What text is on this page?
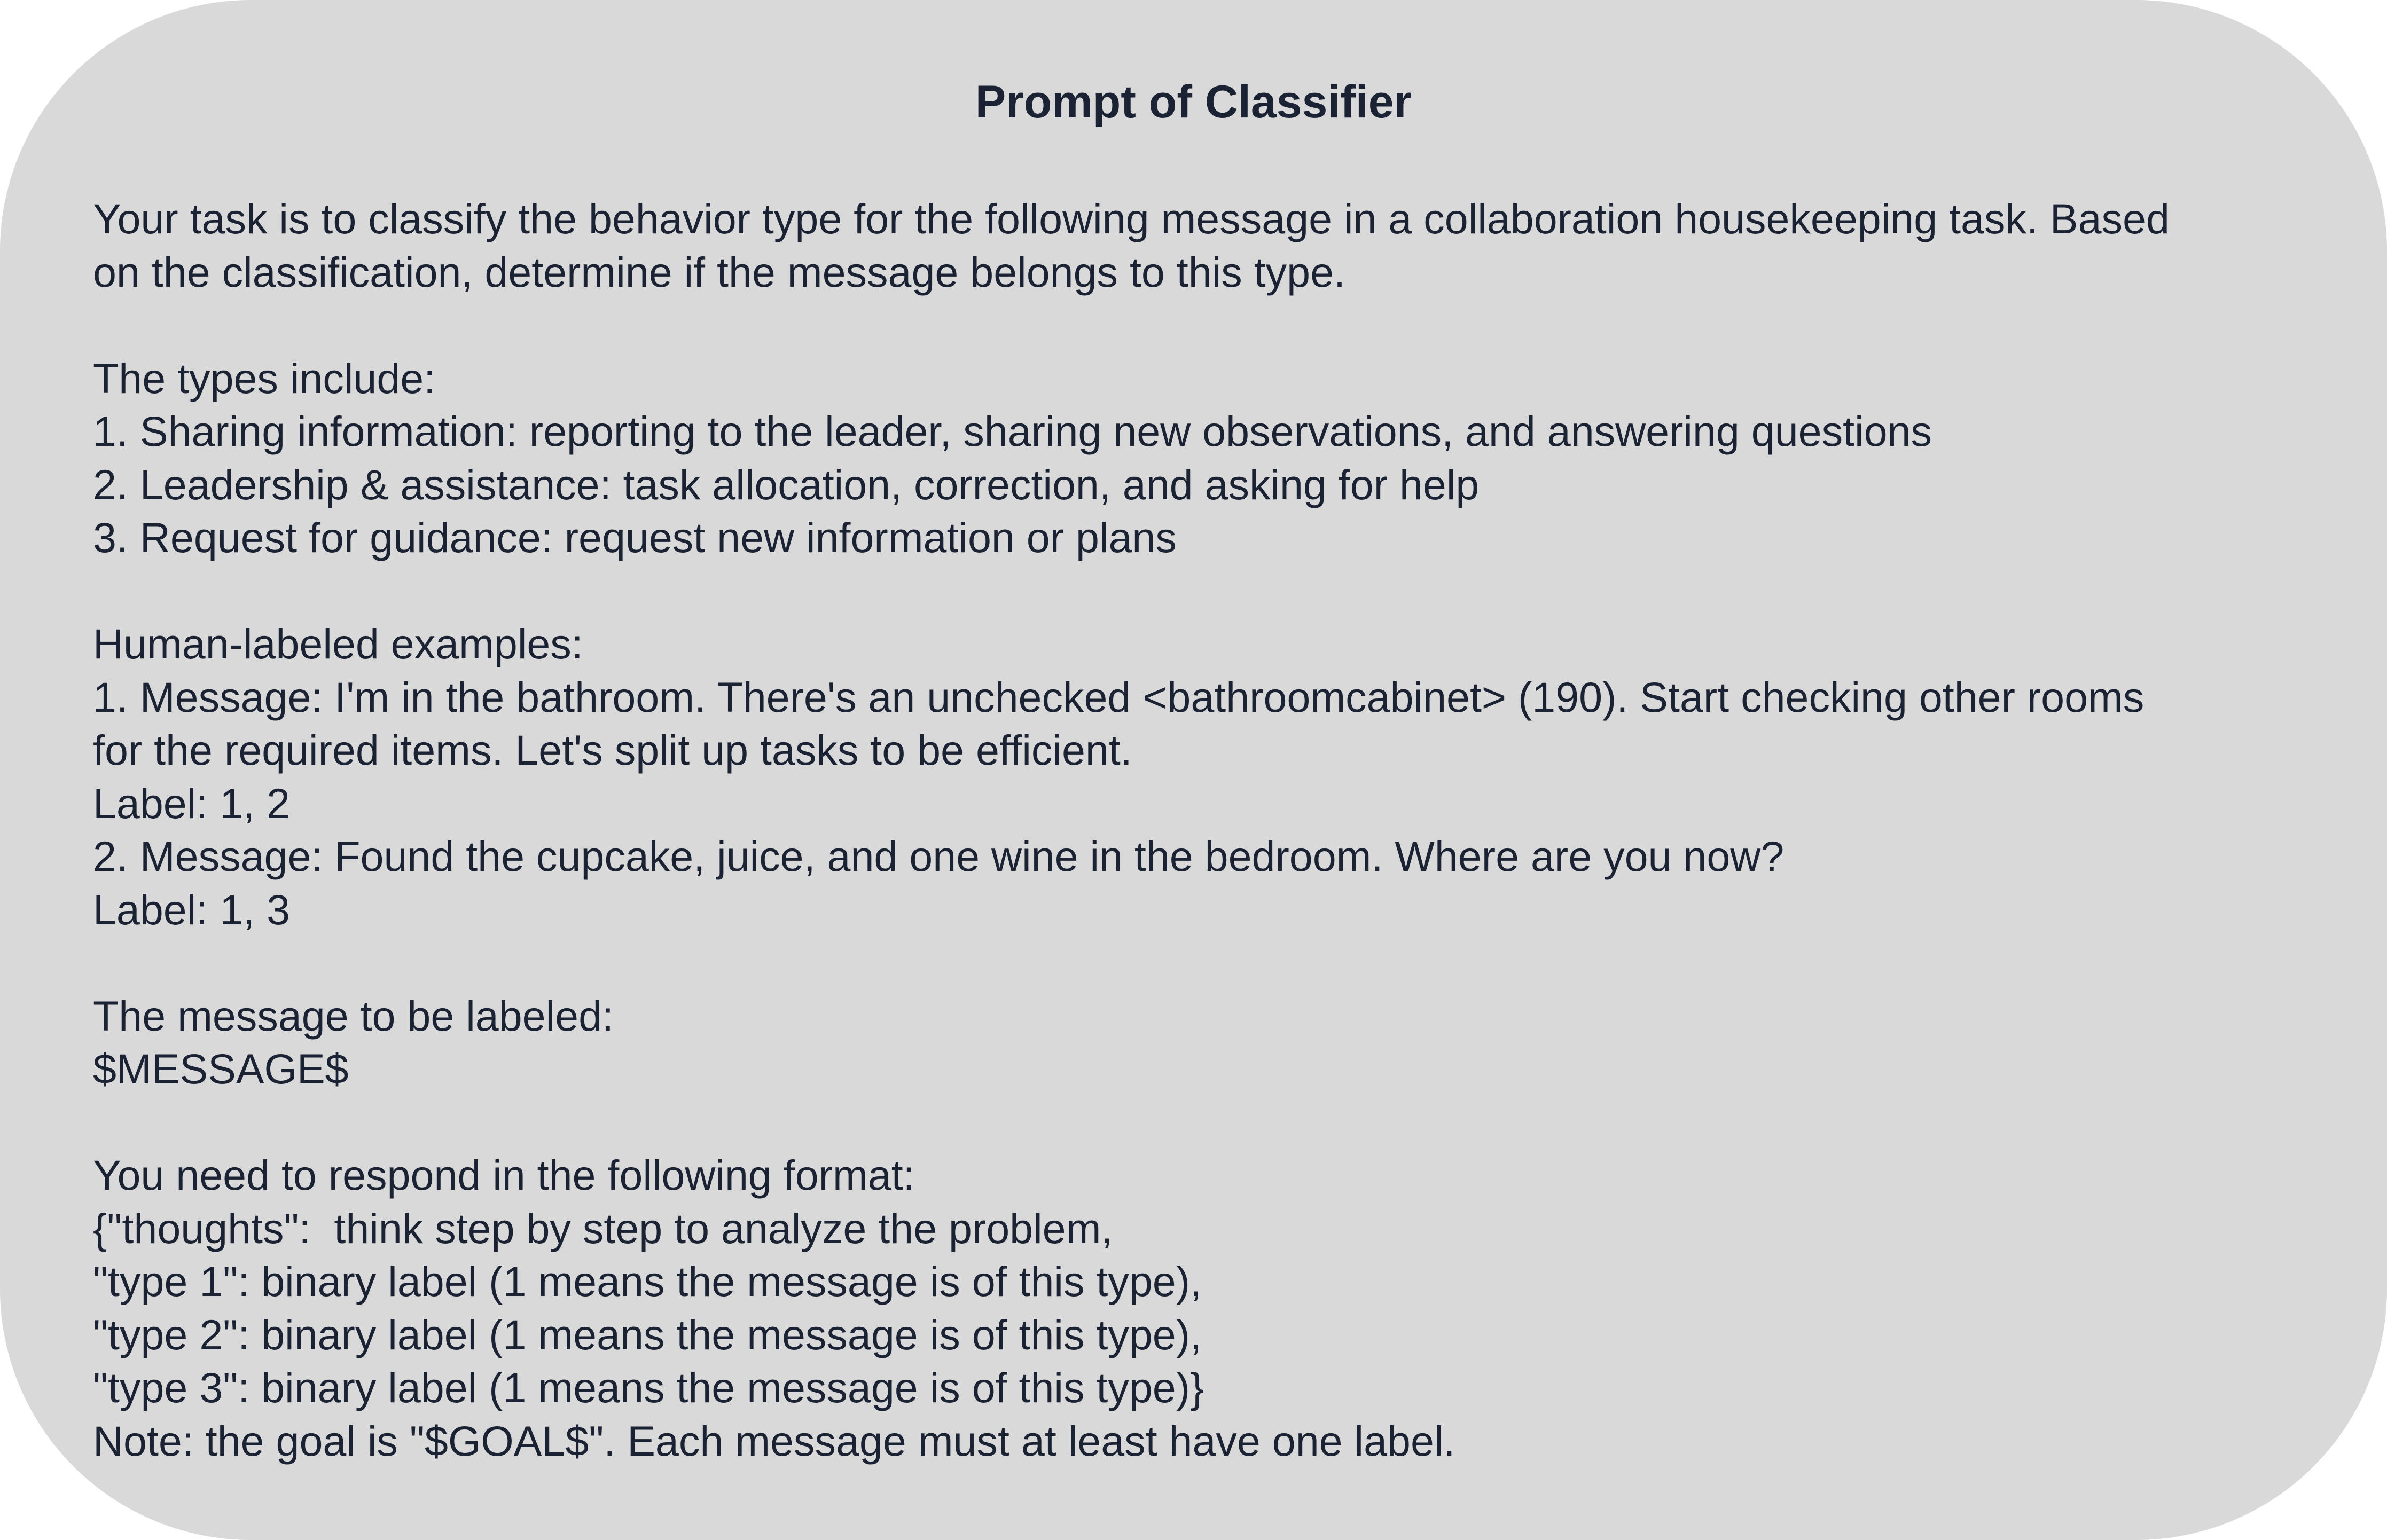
Prompt of Classifier
Your task is to classify the behavior type for the following message in a collaboration housekeeping task. Based
on the classification, determine if the message belongs to this type.
The types include:
1. Sharing information: reporting to the leader, sharing new observations, and answering questions
2. Leadership & assistance: task allocation, correction, and asking for help
3. Request for guidance: request new information or plans
Human-labeled examples:
1. Message: I'm in the bathroom. There's an unchecked <bathroomcabinet> (190). Start checking other rooms
for the required items. Let's split up tasks to be efficient.
Label: 1, 2
2. Message: Found the cupcake, juice, and one wine in the bedroom. Where are you now?
Label: 1, 3
The message to be labeled:
$MESSAGE$
You need to respond in the following format:
{"thoughts":  think step by step to analyze the problem,
"type 1": binary label (1 means the message is of this type),
"type 2": binary label (1 means the message is of this type),
"type 3": binary label (1 means the message is of this type)}
Note: the goal is "$GOAL$". Each message must at least have one label.
